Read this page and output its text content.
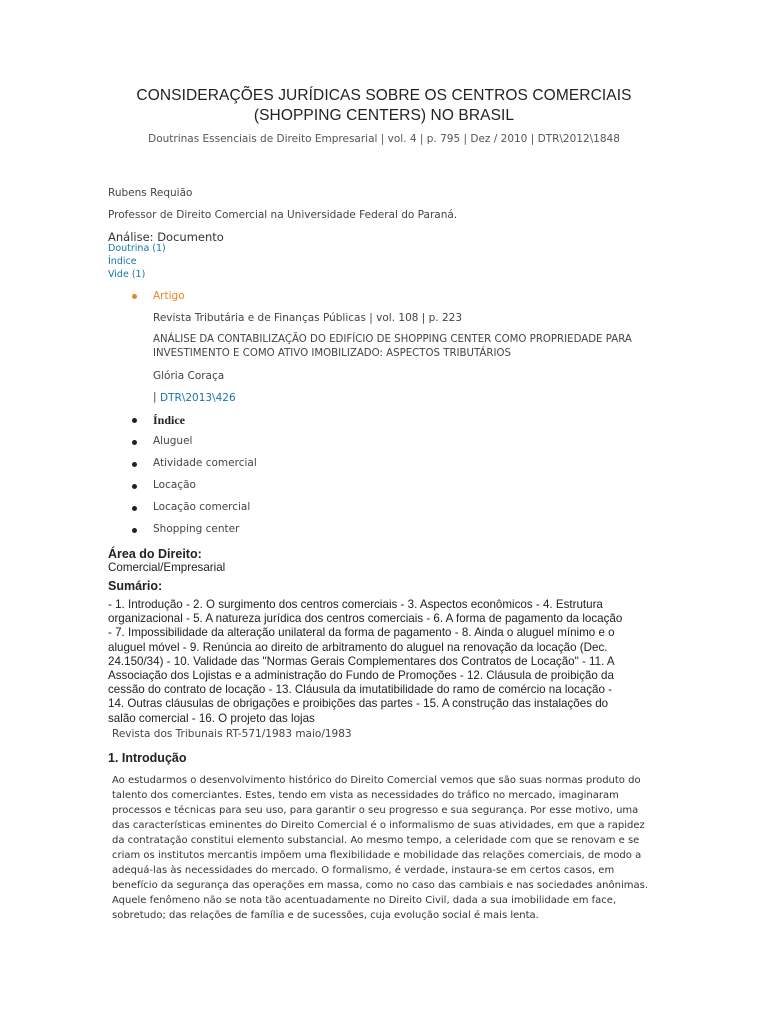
CONSIDERAÇÕES JURÍDICAS SOBRE OS CENTROS COMERCIAIS
(SHOPPING CENTERS) NO BRASIL
Doutrinas Essenciais de Direito Empresarial | vol. 4 | p. 795 | Dez / 2010 | DTR\2012\1848
Rubens Requião
Professor de Direito Comercial na Universidade Federal do Paraná.
Análise: Documento
Doutrina (1)
Índice
Vide (1)
Artigo
Revista Tributária e de Finanças Públicas | vol. 108 | p. 223
ANÁLISE DA CONTABILIZAÇÃO DO EDIFÍCIO DE SHOPPING CENTER COMO PROPRIEDADE PARA
INVESTIMENTO E COMO ATIVO IMOBILIZADO: ASPECTOS TRIBUTÁRIOS
Glória Coraça
| DTR\2013\426
Índice
Aluguel
Atividade comercial
Locação
Locação comercial
Shopping center
Área do Direito:
Comercial/Empresarial
Sumário:
- 1. Introdução - 2. O surgimento dos centros comerciais - 3. Aspectos econômicos - 4. Estrutura
organizacional - 5. A natureza jurídica dos centros comerciais - 6. A forma de pagamento da locação
- 7. Impossibilidade da alteração unilateral da forma de pagamento - 8. Ainda o aluguel mínimo e o
aluguel móvel - 9. Renúncia ao direito de arbitramento do aluguel na renovação da locação (Dec.
24.150/34) - 10. Validade das "Normas Gerais Complementares dos Contratos de Locação" - 11. A
Associação dos Lojistas e a administração do Fundo de Promoções - 12. Cláusula de proibição da
cessão do contrato de locação - 13. Cláusula da imutatibilidade do ramo de comércio na locação -
14. Outras cláusulas de obrigações e proibições das partes - 15. A construção das instalações do
salão comercial - 16. O projeto das lojas
Revista dos Tribunais RT-571/1983 maio/1983
1. Introdução
Ao estudarmos o desenvolvimento histórico do Direito Comercial vemos que são suas normas produto do
talento dos comerciantes. Estes, tendo em vista as necessidades do tráfico no mercado, imaginaram
processos e técnicas para seu uso, para garantir o seu progresso e sua segurança. Por esse motivo, uma
das características eminentes do Direito Comercial é o informalismo de suas atividades, em que a rapidez
da contratação constitui elemento substancial. Ao mesmo tempo, a celeridade com que se renovam e se
criam os institutos mercantis impõem uma flexibilidade e mobilidade das relações comerciais, de modo a
adequá-las às necessidades do mercado. O formalismo, é verdade, instaura-se em certos casos, em
benefício da segurança das operações em massa, como no caso das cambiais e nas sociedades anônimas.
Aquele fenômeno não se nota tão acentuadamente no Direito Civil, dada a sua imobilidade em face,
sobretudo; das relações de família e de sucessões, cuja evolução social é mais lenta.
